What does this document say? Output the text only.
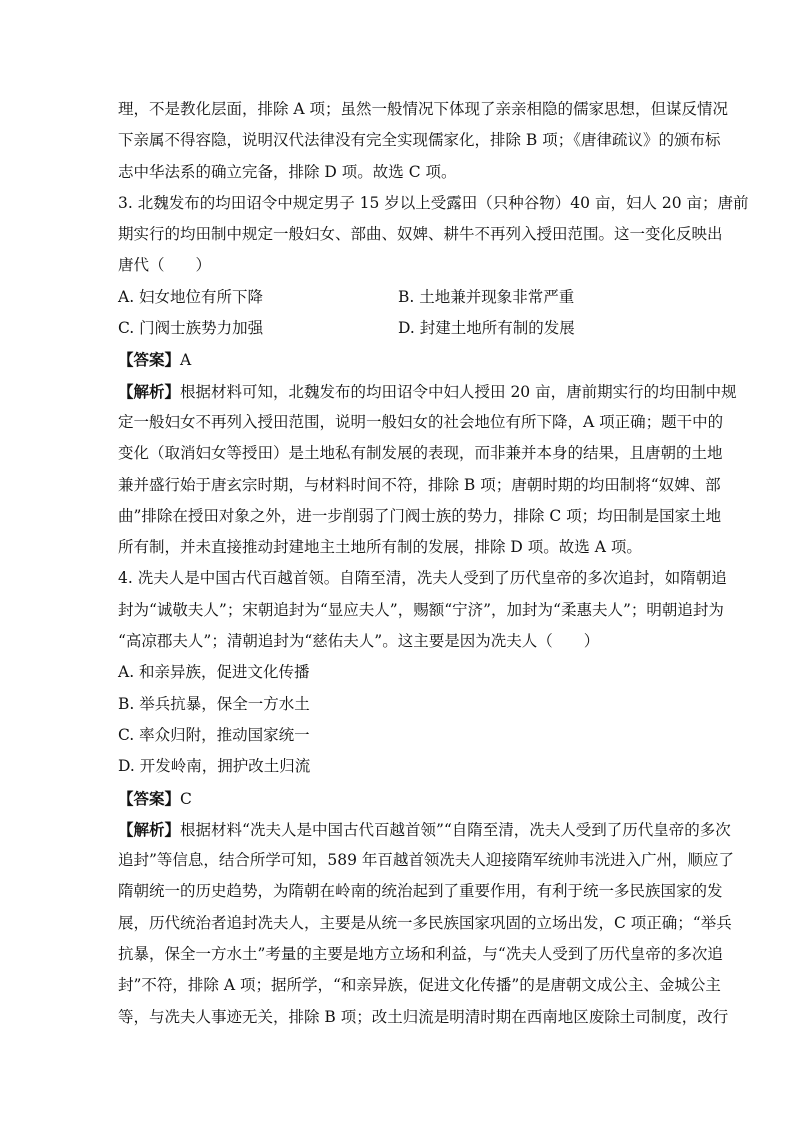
理，不是教化层面，排除 A 项；虽然一般情况下体现了亲亲相隐的儒家思想，但谋反情况
下亲属不得容隐，说明汉代法律没有完全实现儒家化，排除 B 项；《唐律疏议》的颁布标
志中华法系的确立完备，排除 D 项。故选 C 项。
3. 北魏发布的均田诏令中规定男子 15 岁以上受露田（只种谷物）40 亩，妇人 20 亩；唐前
期实行的均田制中规定一般妇女、部曲、奴婢、耕牛不再列入授田范围。这一变化反映出
唐代（　　）
A. 妇女地位有所下降	B. 土地兼并现象非常严重
C. 门阀士族势力加强	D. 封建土地所有制的发展
【答案】A
【解析】根据材料可知，北魏发布的均田诏令中妇人授田 20 亩，唐前期实行的均田制中规
定一般妇女不再列入授田范围，说明一般妇女的社会地位有所下降，A 项正确；题干中的
变化（取消妇女等授田）是土地私有制发展的表现，而非兼并本身的结果，且唐朝的土地
兼并盛行始于唐玄宗时期，与材料时间不符，排除 B 项；唐朝时期的均田制将“奴婢、部
曲”排除在授田对象之外，进一步削弱了门阀士族的势力，排除 C 项；均田制是国家土地
所有制，并未直接推动封建地主土地所有制的发展，排除 D 项。故选 A 项。
4. 冼夫人是中国古代百越首领。自隋至清，冼夫人受到了历代皇帝的多次追封，如隋朝追
封为“诚敬夫人”；宋朝追封为“显应夫人”，赐额“宁济”，加封为“柔惠夫人”；明朝追封为
“高凉郡夫人”；清朝追封为“慈佑夫人”。这主要是因为冼夫人（　　）
A. 和亲异族，促进文化传播
B. 举兵抗暴，保全一方水土
C. 率众归附，推动国家统一
D. 开发岭南，拥护改土归流
【答案】C
【解析】根据材料“冼夫人是中国古代百越首领”“自隋至清，冼夫人受到了历代皇帝的多次
追封”等信息，结合所学可知，589 年百越首领冼夫人迎接隋军统帅韦洸进入广州，顺应了
隋朝统一的历史趋势，为隋朝在岭南的统治起到了重要作用，有利于统一多民族国家的发
展，历代统治者追封冼夫人，主要是从统一多民族国家巩固的立场出发，C 项正确；“举兵
抗暴，保全一方水土”考量的主要是地方立场和利益，与“冼夫人受到了历代皇帝的多次追
封”不符，排除 A 项；据所学，“和亲异族，促进文化传播”的是唐朝文成公主、金城公主
等，与冼夫人事迹无关，排除 B 项；改土归流是明清时期在西南地区废除土司制度，改行
